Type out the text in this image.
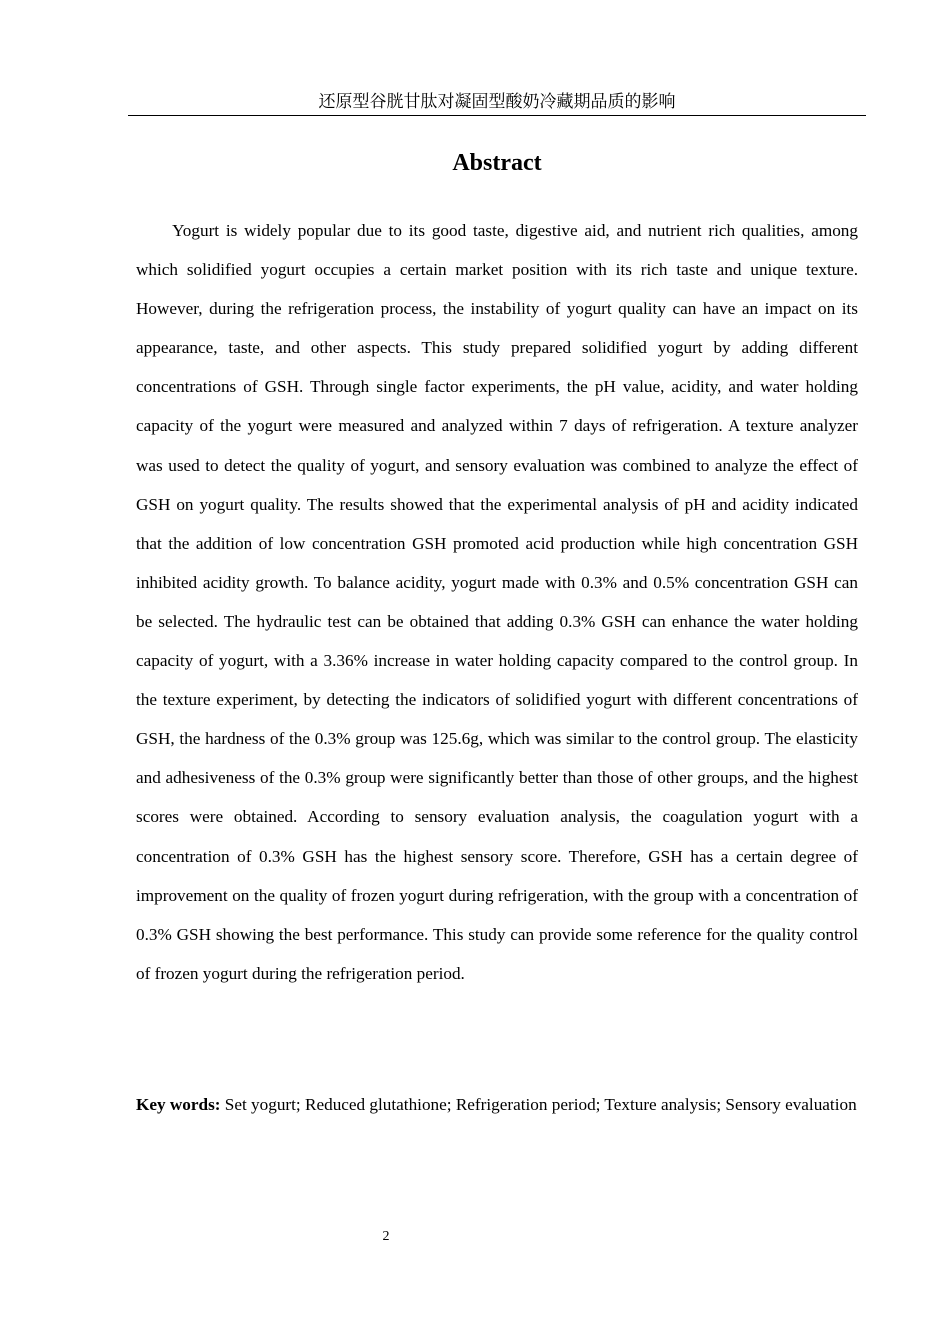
还原型谷胱甘肽对凝固型酸奶冷藏期品质的影响
Abstract

Yogurt is widely popular due to its good taste, digestive aid, and nutrient rich qualities, among which solidified yogurt occupies a certain market position with its rich taste and unique texture. However, during the refrigeration process, the instability of yogurt quality can have an impact on its appearance, taste, and other aspects. This study prepared solidified yogurt by adding different concentrations of GSH. Through single factor experiments, the pH value, acidity, and water holding capacity of the yogurt were measured and analyzed within 7 days of refrigeration. A texture analyzer was used to detect the quality of yogurt, and sensory evaluation was combined to analyze the effect of GSH on yogurt quality. The results showed that the experimental analysis of pH and acidity indicated that the addition of low concentration GSH promoted acid production while high concentration GSH inhibited acidity growth. To balance acidity, yogurt made with 0.3% and 0.5% concentration GSH can be selected. The hydraulic test can be obtained that adding 0.3% GSH can enhance the water holding capacity of yogurt, with a 3.36% increase in water holding capacity compared to the control group. In the texture experiment, by detecting the indicators of solidified yogurt with different concentrations of GSH, the hardness of the 0.3% group was 125.6g, which was similar to the control group. The elasticity and adhesiveness of the 0.3% group were significantly better than those of other groups, and the highest scores were obtained. According to sensory evaluation analysis, the coagulation yogurt with a concentration of 0.3% GSH has the highest sensory score. Therefore, GSH has a certain degree of improvement on the quality of frozen yogurt during refrigeration, with the group with a concentration of 0.3% GSH showing the best performance. This study can provide some reference for the quality control of frozen yogurt during the refrigeration period.

Key words: Set yogurt; Reduced glutathione; Refrigeration period; Texture analysis; Sensory evaluation

2
